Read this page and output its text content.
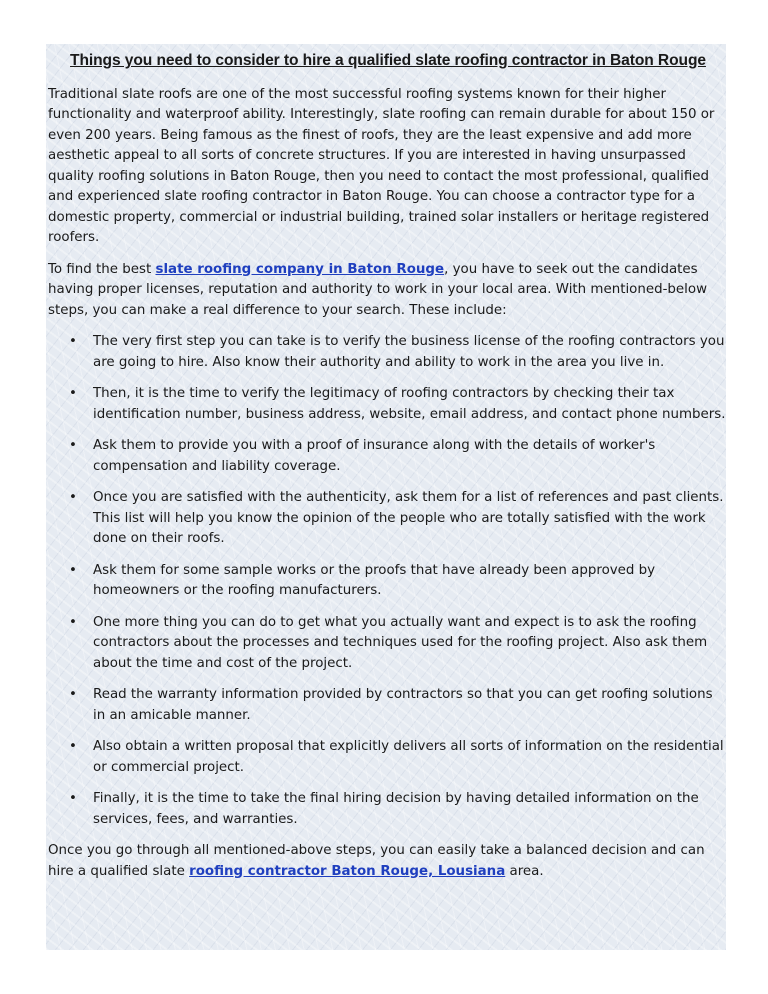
Things you need to consider to hire a qualified slate roofing contractor in Baton Rouge

Traditional slate roofs are one of the most successful roofing systems known for their higher functionality and waterproof ability. Interestingly, slate roofing can remain durable for about 150 or even 200 years. Being famous as the finest of roofs, they are the least expensive and add more aesthetic appeal to all sorts of concrete structures. If you are interested in having unsurpassed quality roofing solutions in Baton Rouge, then you need to contact the most professional, qualified and experienced slate roofing contractor in Baton Rouge. You can choose a contractor type for a domestic property, commercial or industrial building, trained solar installers or heritage registered roofers.

To find the best slate roofing company in Baton Rouge, you have to seek out the candidates having proper licenses, reputation and authority to work in your local area. With mentioned-below steps, you can make a real difference to your search. These include:

• The very first step you can take is to verify the business license of the roofing contractors you are going to hire. Also know their authority and ability to work in the area you live in.
• Then, it is the time to verify the legitimacy of roofing contractors by checking their tax identification number, business address, website, email address, and contact phone numbers.
• Ask them to provide you with a proof of insurance along with the details of worker's compensation and liability coverage.
• Once you are satisfied with the authenticity, ask them for a list of references and past clients. This list will help you know the opinion of the people who are totally satisfied with the work done on their roofs.
• Ask them for some sample works or the proofs that have already been approved by homeowners or the roofing manufacturers.
• One more thing you can do to get what you actually want and expect is to ask the roofing contractors about the processes and techniques used for the roofing project. Also ask them about the time and cost of the project.
• Read the warranty information provided by contractors so that you can get roofing solutions in an amicable manner.
• Also obtain a written proposal that explicitly delivers all sorts of information on the residential or commercial project.
• Finally, it is the time to take the final hiring decision by having detailed information on the services, fees, and warranties.

Once you go through all mentioned-above steps, you can easily take a balanced decision and can hire a qualified slate roofing contractor Baton Rouge, Lousiana area.
